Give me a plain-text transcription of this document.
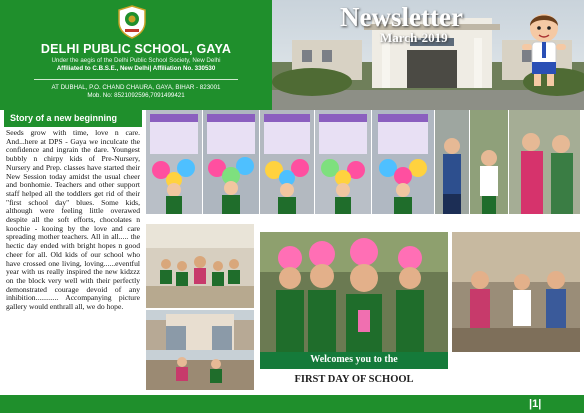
DELHI PUBLIC SCHOOL, GAYA
Under the aegis of the Delhi Public School Society, New Delhi
Affiliated to C.B.S.E., New Delhi| Affiliation No. 330530
AT DUBHAL, P.O. CHAND CHAURA, GAYA, BIHAR - 823001
Mob. No: 8521092596,7091499421
Newsletter
March-2019
Story of a new beginning
Seeds grow with time, love n care. And...here at DPS - Gaya we inculcate the confidence and ingrain the dare. Youngest bubbly n chirpy kids of Pre-Nursery, Nursery and Prep. classes have started their New Session today amidst the usual cheer and bonhomie. Teachers and other support staff helped all the toddlers get rid of their "first school day" blues. Some kids, although were feeling little overawed despite all the soft efforts, chocolates n koochie - kooing by the love and care spreading mother teachers. All in all..... the hectic day ended with bright hopes n good cheer for all. Old kids of our school who have crossed one living, loving......eventful year with us really inspired the new kidzzz on the block very well with their perfectly demonstrated courage devoid of any inhibition............ Accompanying picture gallery would enthrall all, we do hope.
Welcomes you to the
FIRST DAY OF SCHOOL
|1|
